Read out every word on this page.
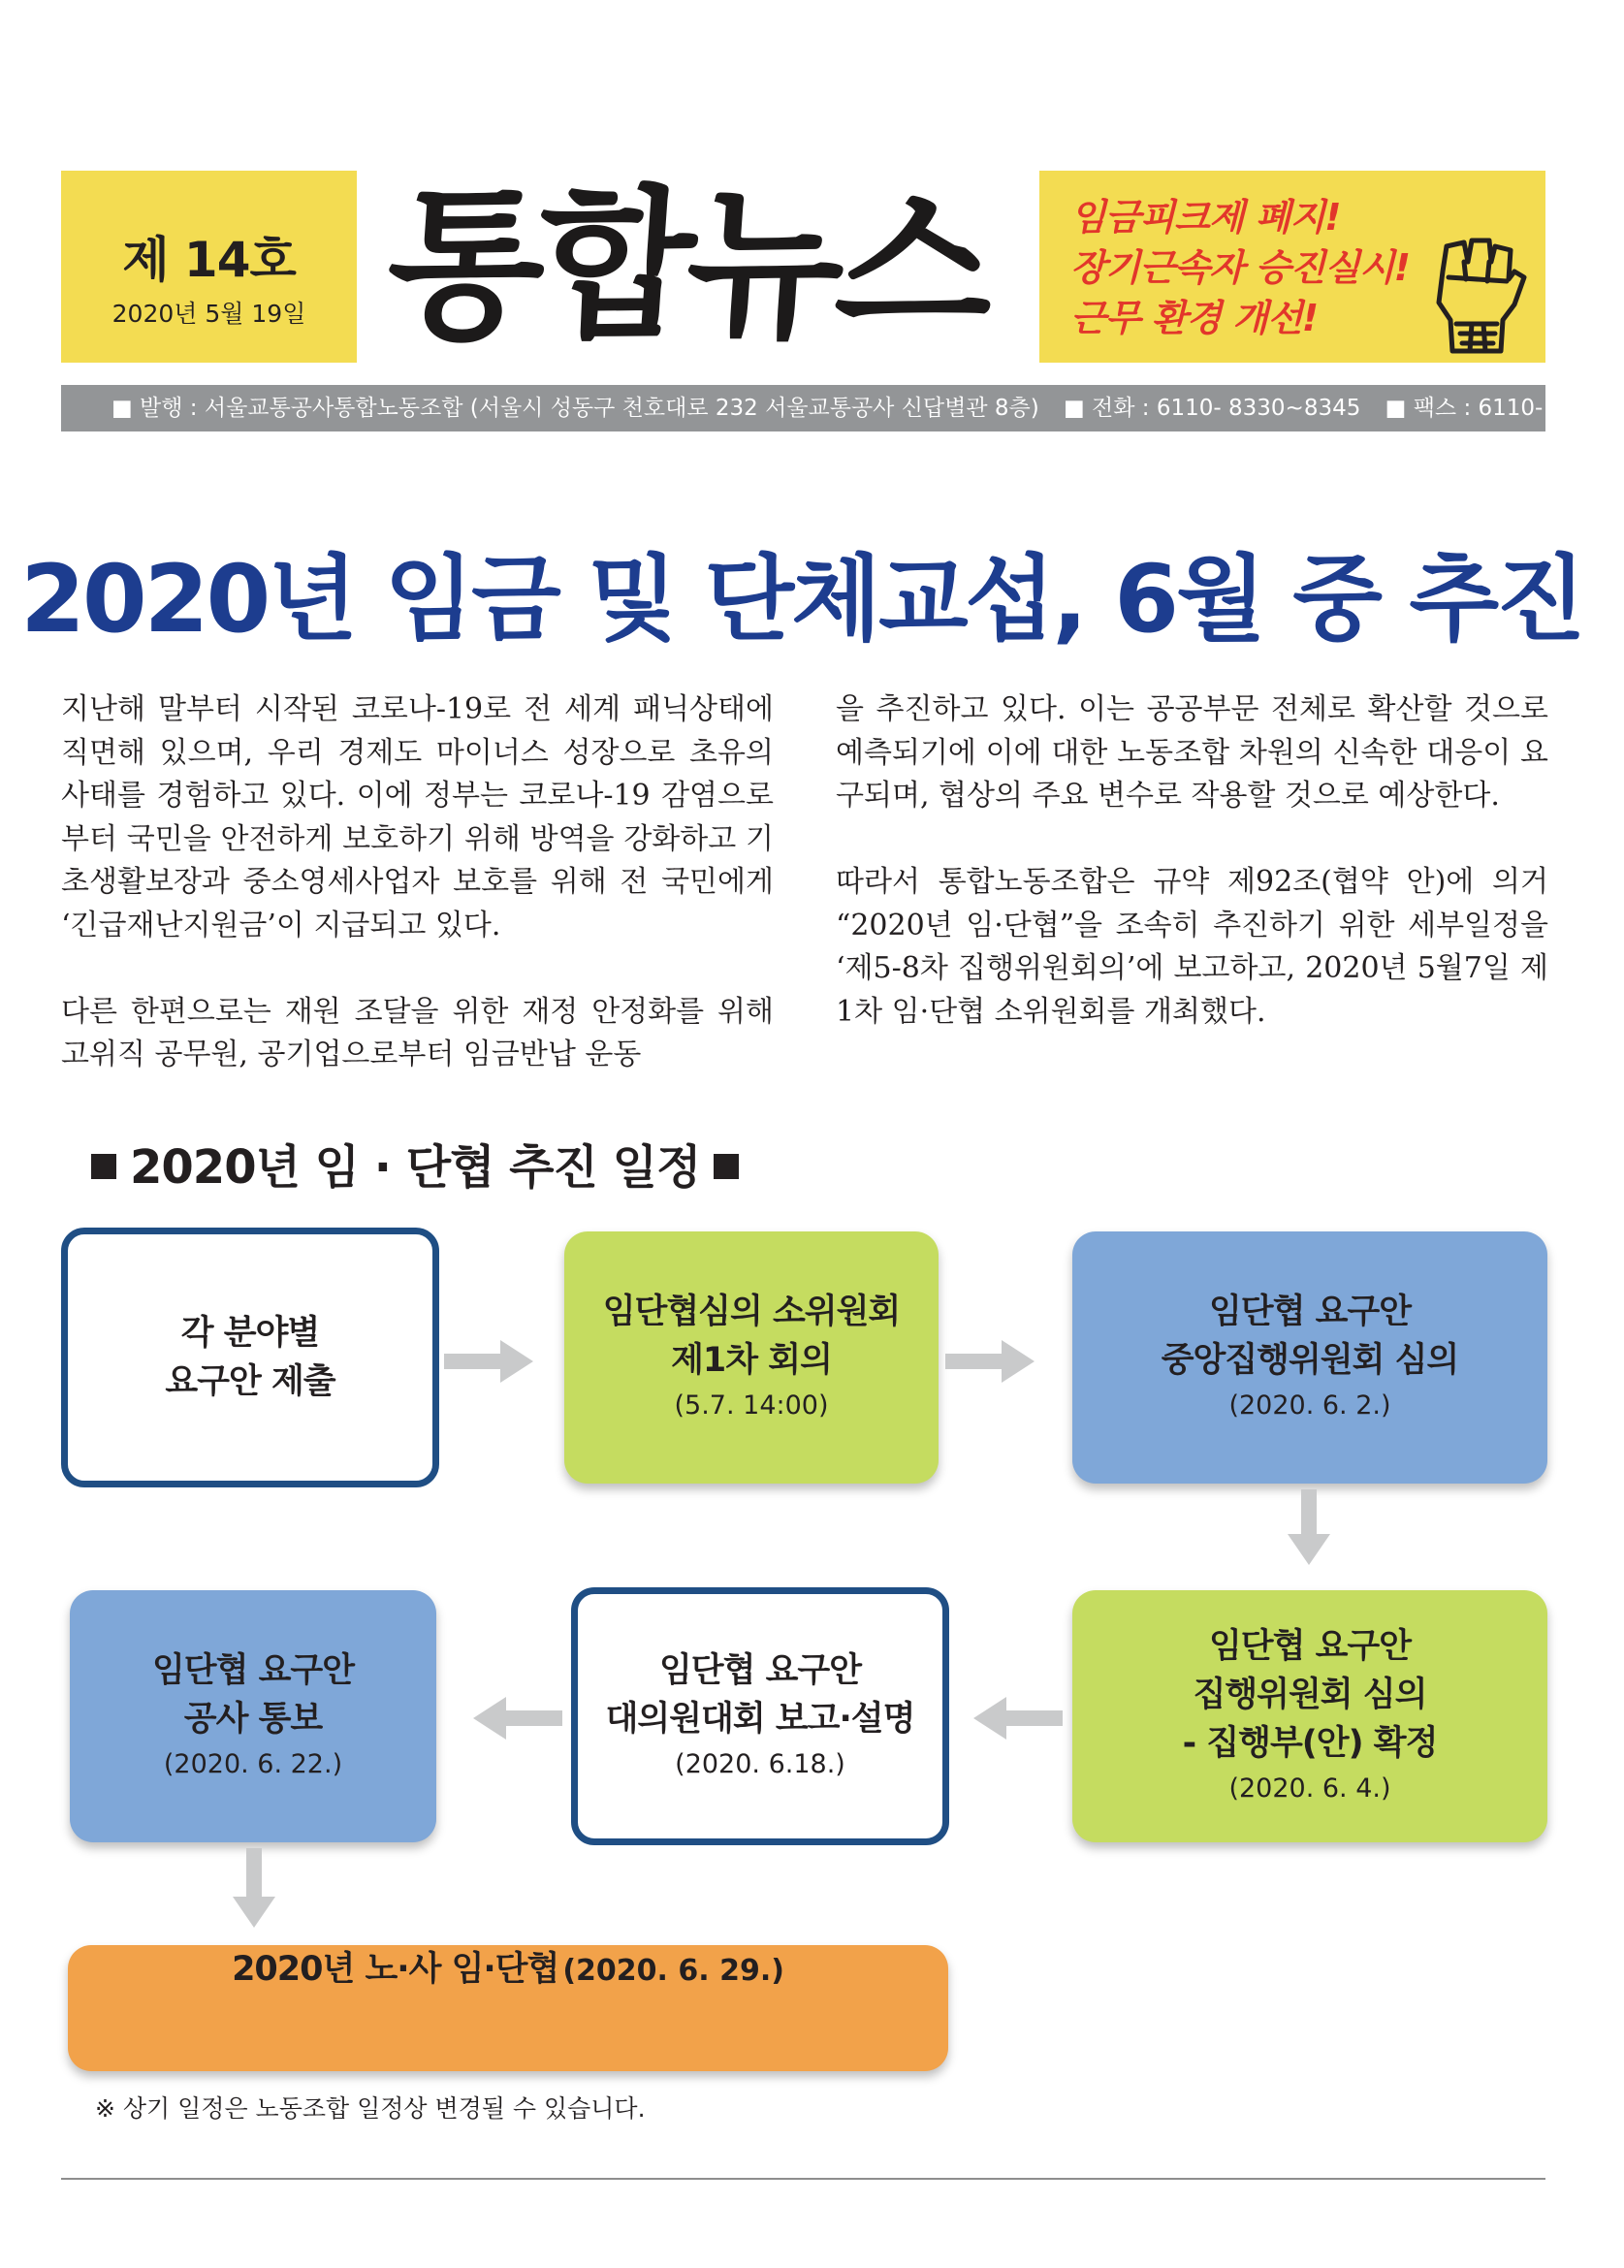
제 14호
2020년 5월 19일 통합뉴스	임금피크제 폐지!
장기근속자 승진실시!
근무 환경 개선!
■ 발행 : 서울교통공사통합노동조합 (서울시 성동구 천호대로 232 서울교통공사 신답별관 8층) ■ 전화 : 6110- 8330~8345 ■ 팩스 : 6110- 8339
2020년 임금 및 단체교섭, 6월 중 추진

지난해 말부터 시작된 코로나-19로 전 세계 패닉상태에 직면해 있으며, 우리 경제도 마이너스 성장으로 초유의 사태를 경험하고 있다. 이에 정부는 코로나-19 감염으로부터 국민을 안전하게 보호하기 위해 방역을 강화하고 기초생활보장과 중소영세사업자 보호를 위해 전 국민에게 ‘긴급재난지원금’이 지급되고 있다.

다른 한편으로는 재원 조달을 위한 재정 안정화를 위해 고위직 공무원, 공기업으로부터 임금반납 운동

을 추진하고 있다. 이는 공공부문 전체로 확산할 것으로 예측되기에 이에 대한 노동조합 차원의 신속한 대응이 요구되며, 협상의 주요 변수로 작용할 것으로 예상한다.

따라서 통합노동조합은 규약 제92조(협약 안)에 의거 “2020년 임·단협”을 조속히 추진하기 위한 세부일정을 ‘제5-8차 집행위원회의’에 보고하고, 2020년 5월7일 제1차 임·단협 소위원회를 개최했다.

2020년 임 · 단협 추진 일정
각 분야별
요구안 제출
임단협심의 소위원회
제1차 회의
(5.7. 14:00)
임단협 요구안
중앙집행위원회 심의
(2020. 6. 2.)
임단협 요구안
집행위원회 심의
- 집행부(안) 확정
(2020. 6. 4.)
임단협 요구안
대의원대회 보고·설명
(2020. 6.18.)
임단협 요구안
공사 통보
(2020. 6. 22.)
2020년 노·사 임·단협 (2020. 6. 29.)
※ 상기 일정은 노동조합 일정상 변경될 수 있습니다.
